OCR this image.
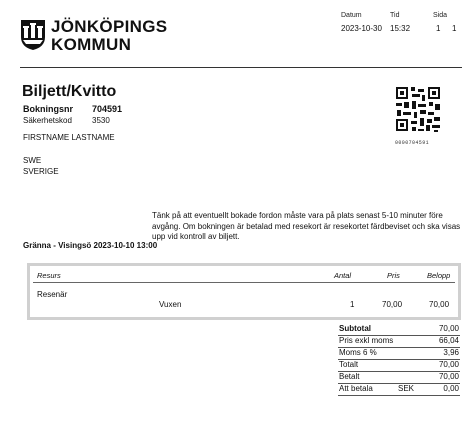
JÖNKÖPINGS
KOMMUN
Datum
2023-10-30
Tid
15:32
Sida
1 1
Biljett/Kvitto
Bokningsnr 704591
Säkerhetskod	3530
FIRSTNAME LASTNAME
SWE
SVERIGE
0000704591
Tänk på att eventuellt bokade fordon måste vara på plats senast 5-10 minuter före
avgång. Om bokningen är betalad med resekort är resekortet färdbeviset och ska visas
upp vid kontroll av biljett.
Gränna - Visingsö 2023-10-10 13:00
Resurs	Antal	Pris	Belopp
Resenär
Vuxen	1	70,00	70,00
Subtotal	70,00
Pris exkl moms	66,04
Moms 6 %	3,96
Totalt	70,00
Betalt	70,00
Att betala	SEK	0,00
